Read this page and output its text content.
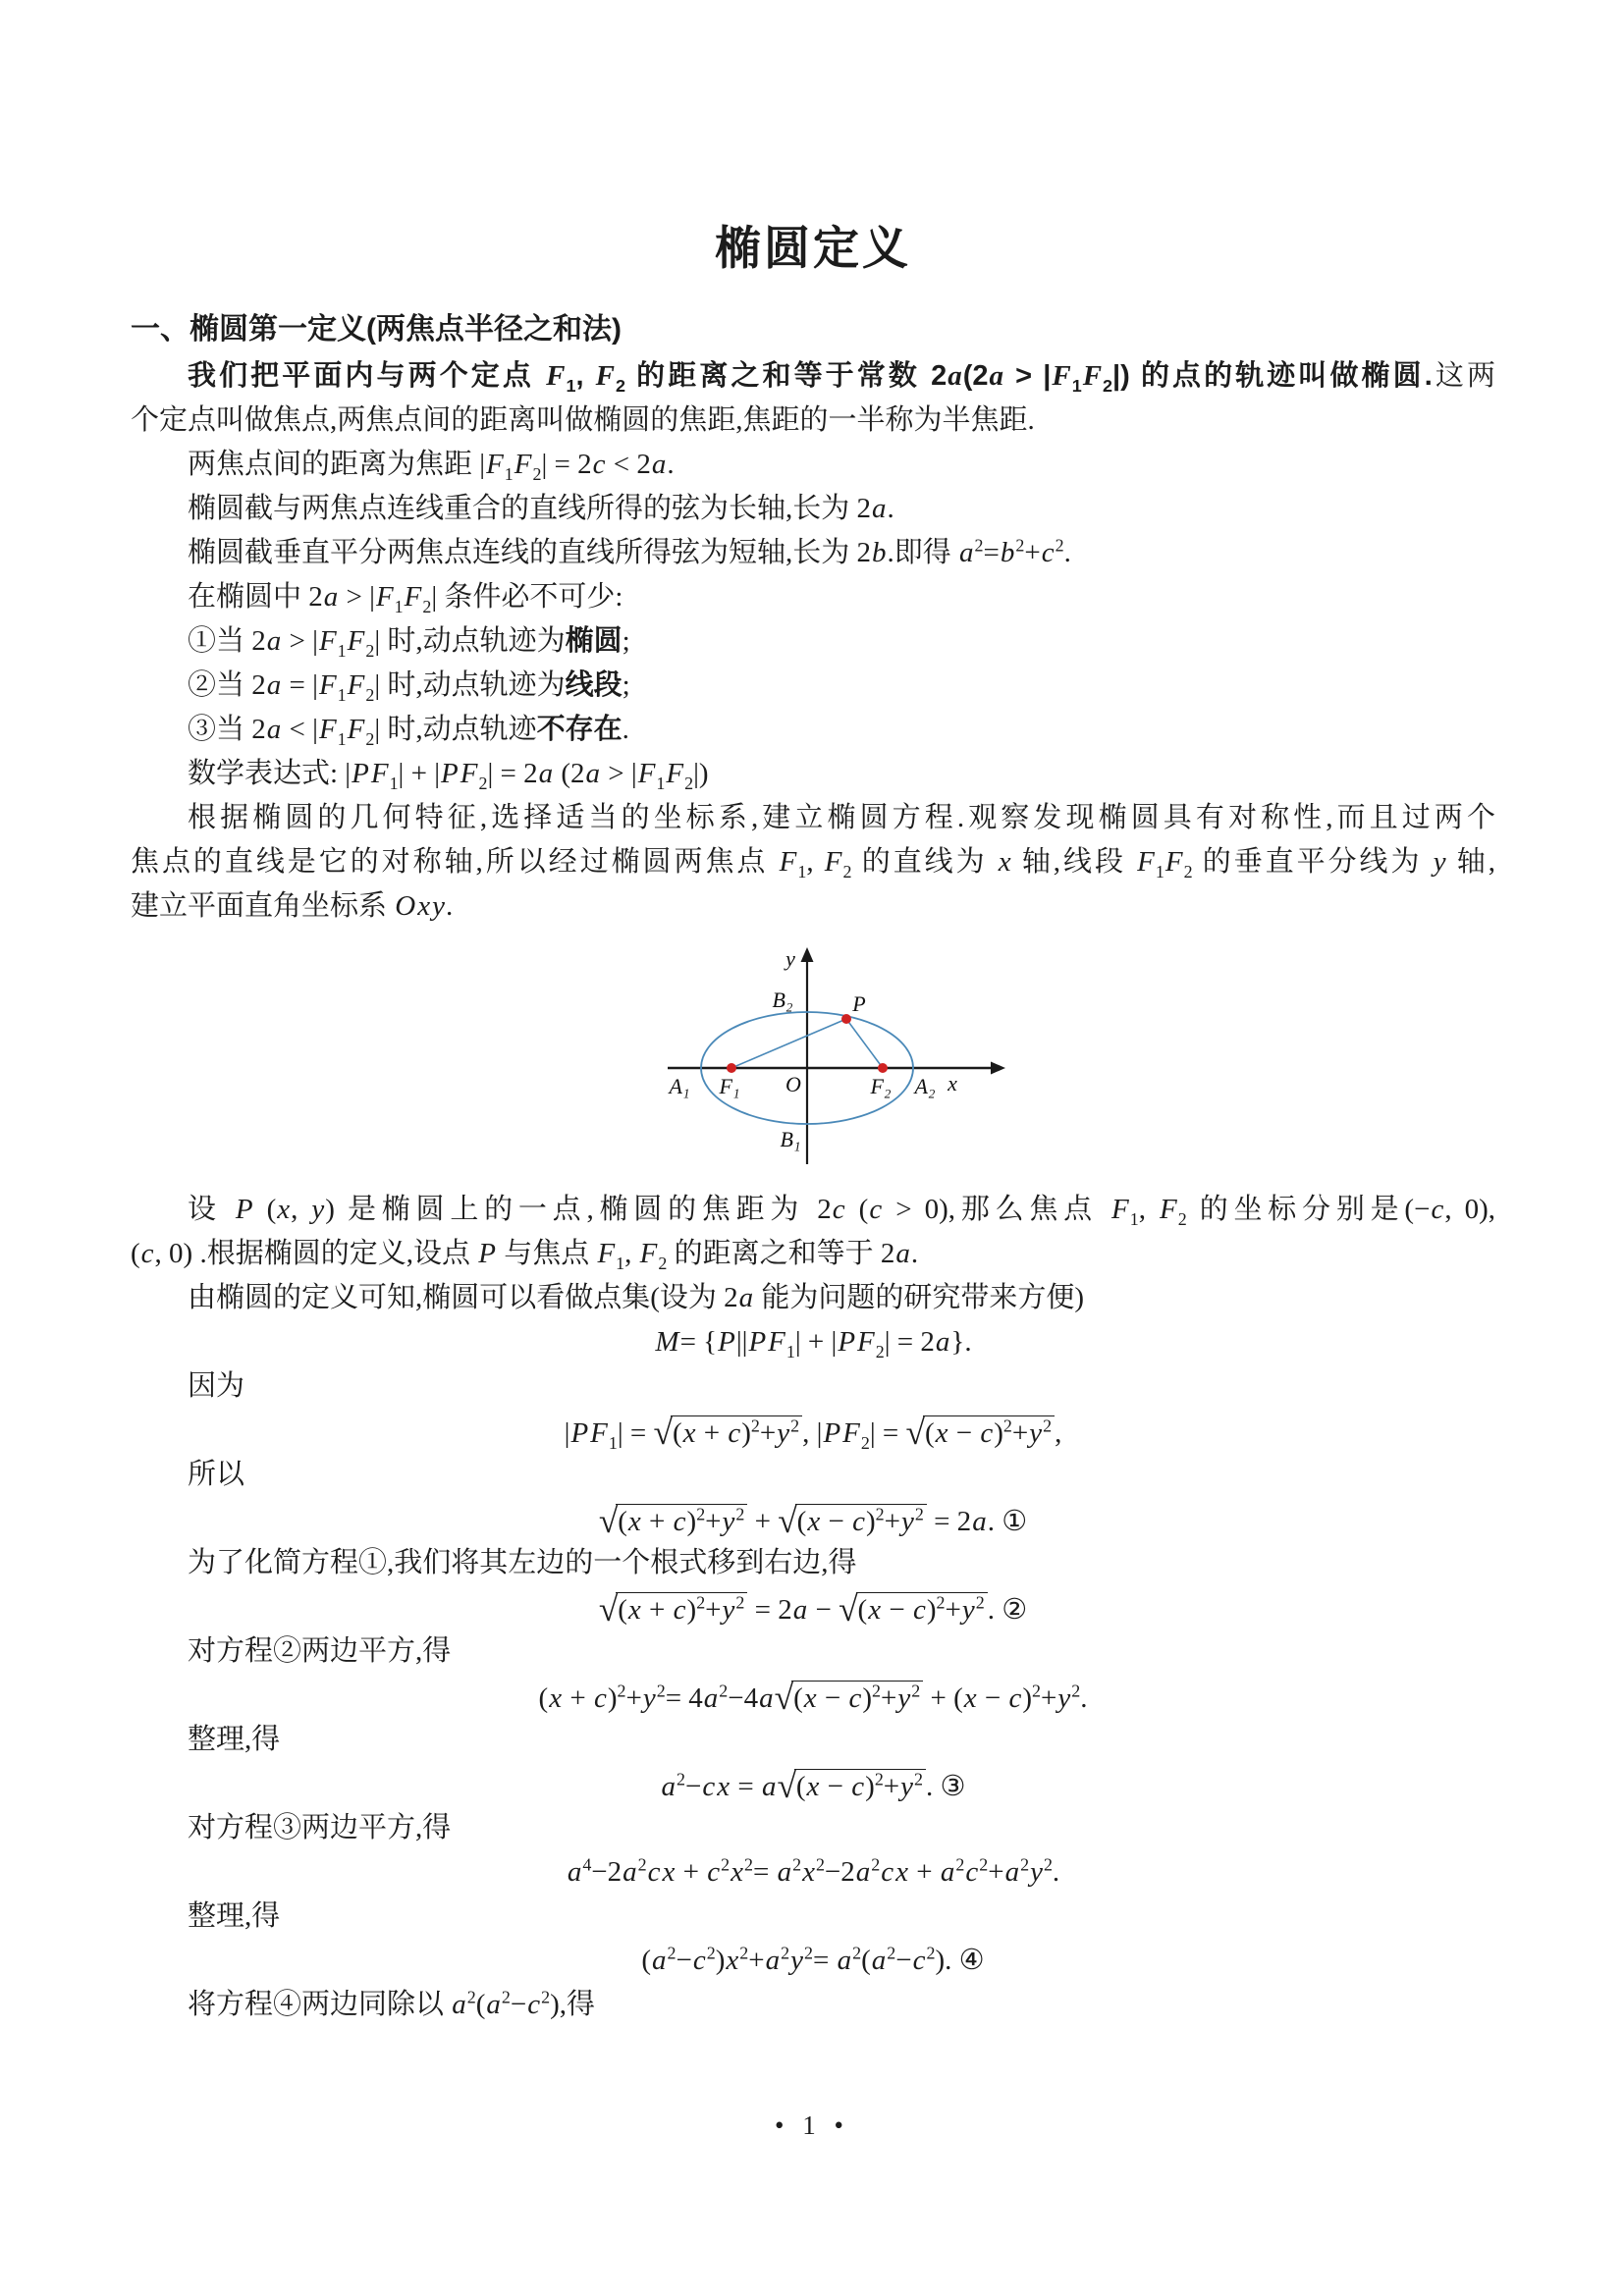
椭圆定义
一、椭圆第一定义(两焦点半径之和法)
我们把平面内与两个定点 $F_1$, $F_2$ 的距离之和等于常数 $2a(2a > |F_1F_2|)$ 的点的轨迹叫做椭圆.这两
个定点叫做焦点,两焦点间的距离叫做椭圆的焦距,焦距的一半称为半焦距.
两焦点间的距离为焦距 $|F_1F_2| = 2c < 2a$.
椭圆截与两焦点连线重合的直线所得的弦为长轴,长为 2a.
椭圆截垂直平分两焦点连线的直线所得弦为短轴,长为 2b.即得 $a^2=b^2+c^2$.
在椭圆中 $2a > |F_1F_2|$ 条件必不可少:
①当 $2a > |F_1F_2|$ 时,动点轨迹为椭圆;
②当 $2a = |F_1F_2|$ 时,动点轨迹为线段;
③当 $2a < |F_1F_2|$ 时,动点轨迹不存在.
数学表达式: $|PF_1| + |PF_2| = 2a$ $(2a > |F_1F_2|)$
根据椭圆的几何特征,选择适当的坐标系,建立椭圆方程.观察发现椭圆具有对称性,而且过两个
焦点的直线是它的对称轴,所以经过椭圆两焦点 $F_1$, $F_2$ 的直线为 x 轴,线段 $F_1F_2$ 的垂直平分线为 y 轴,
建立平面直角坐标系 Oxy.
y
B₂	P
A₁ F₁ O	F₂ A₂ x
B₁
设 P (x, y) 是椭圆上的一点,椭圆的焦距为 2c (c > 0),那么焦点 $F_1$, $F_2$ 的坐标分别是(−c, 0),
(c, 0) .根据椭圆的定义,设点 P 与焦点 $F_1$, $F_2$ 的距离之和等于 2a.
由椭圆的定义可知,椭圆可以看做点集(设为 2a 能为问题的研究带来方便)
$M= \{P||PF_1| + |PF_2| = 2a\}$.
因为
$|PF_1| = √(x + c)^2+y^2$ , $|PF_2| = √(x - c)^2+y^2$ ,
所以
$√(x + c)^2+y^2 + √(x - c)^2+y^2 = 2a$. ①
为了化简方程①,我们将其左边的一个根式移到右边,得
$√(x + c)^2+y^2 = 2a - √(x - c)^2+y^2$ . ②
对方程②两边平方,得
$(x + c)^2+y^2= 4a^2-4a√(x - c)^2+y^2 + (x - c)^2+y^2$.
整理,得
$a^2-cx = a√(x - c)^2+y^2$ . ③
对方程③两边平方,得
$a^4-2a^2cx + c^2x^2= a^2x^2-2a^2cx + a^2c^2+a^2y^2$.
整理,得
$(a^2-c^2)x^2+a^2y^2= a^2(a^2-c^2)$. ④
将方程④两边同除以 $a^2(a^2-c^2)$,得
• 1 •
